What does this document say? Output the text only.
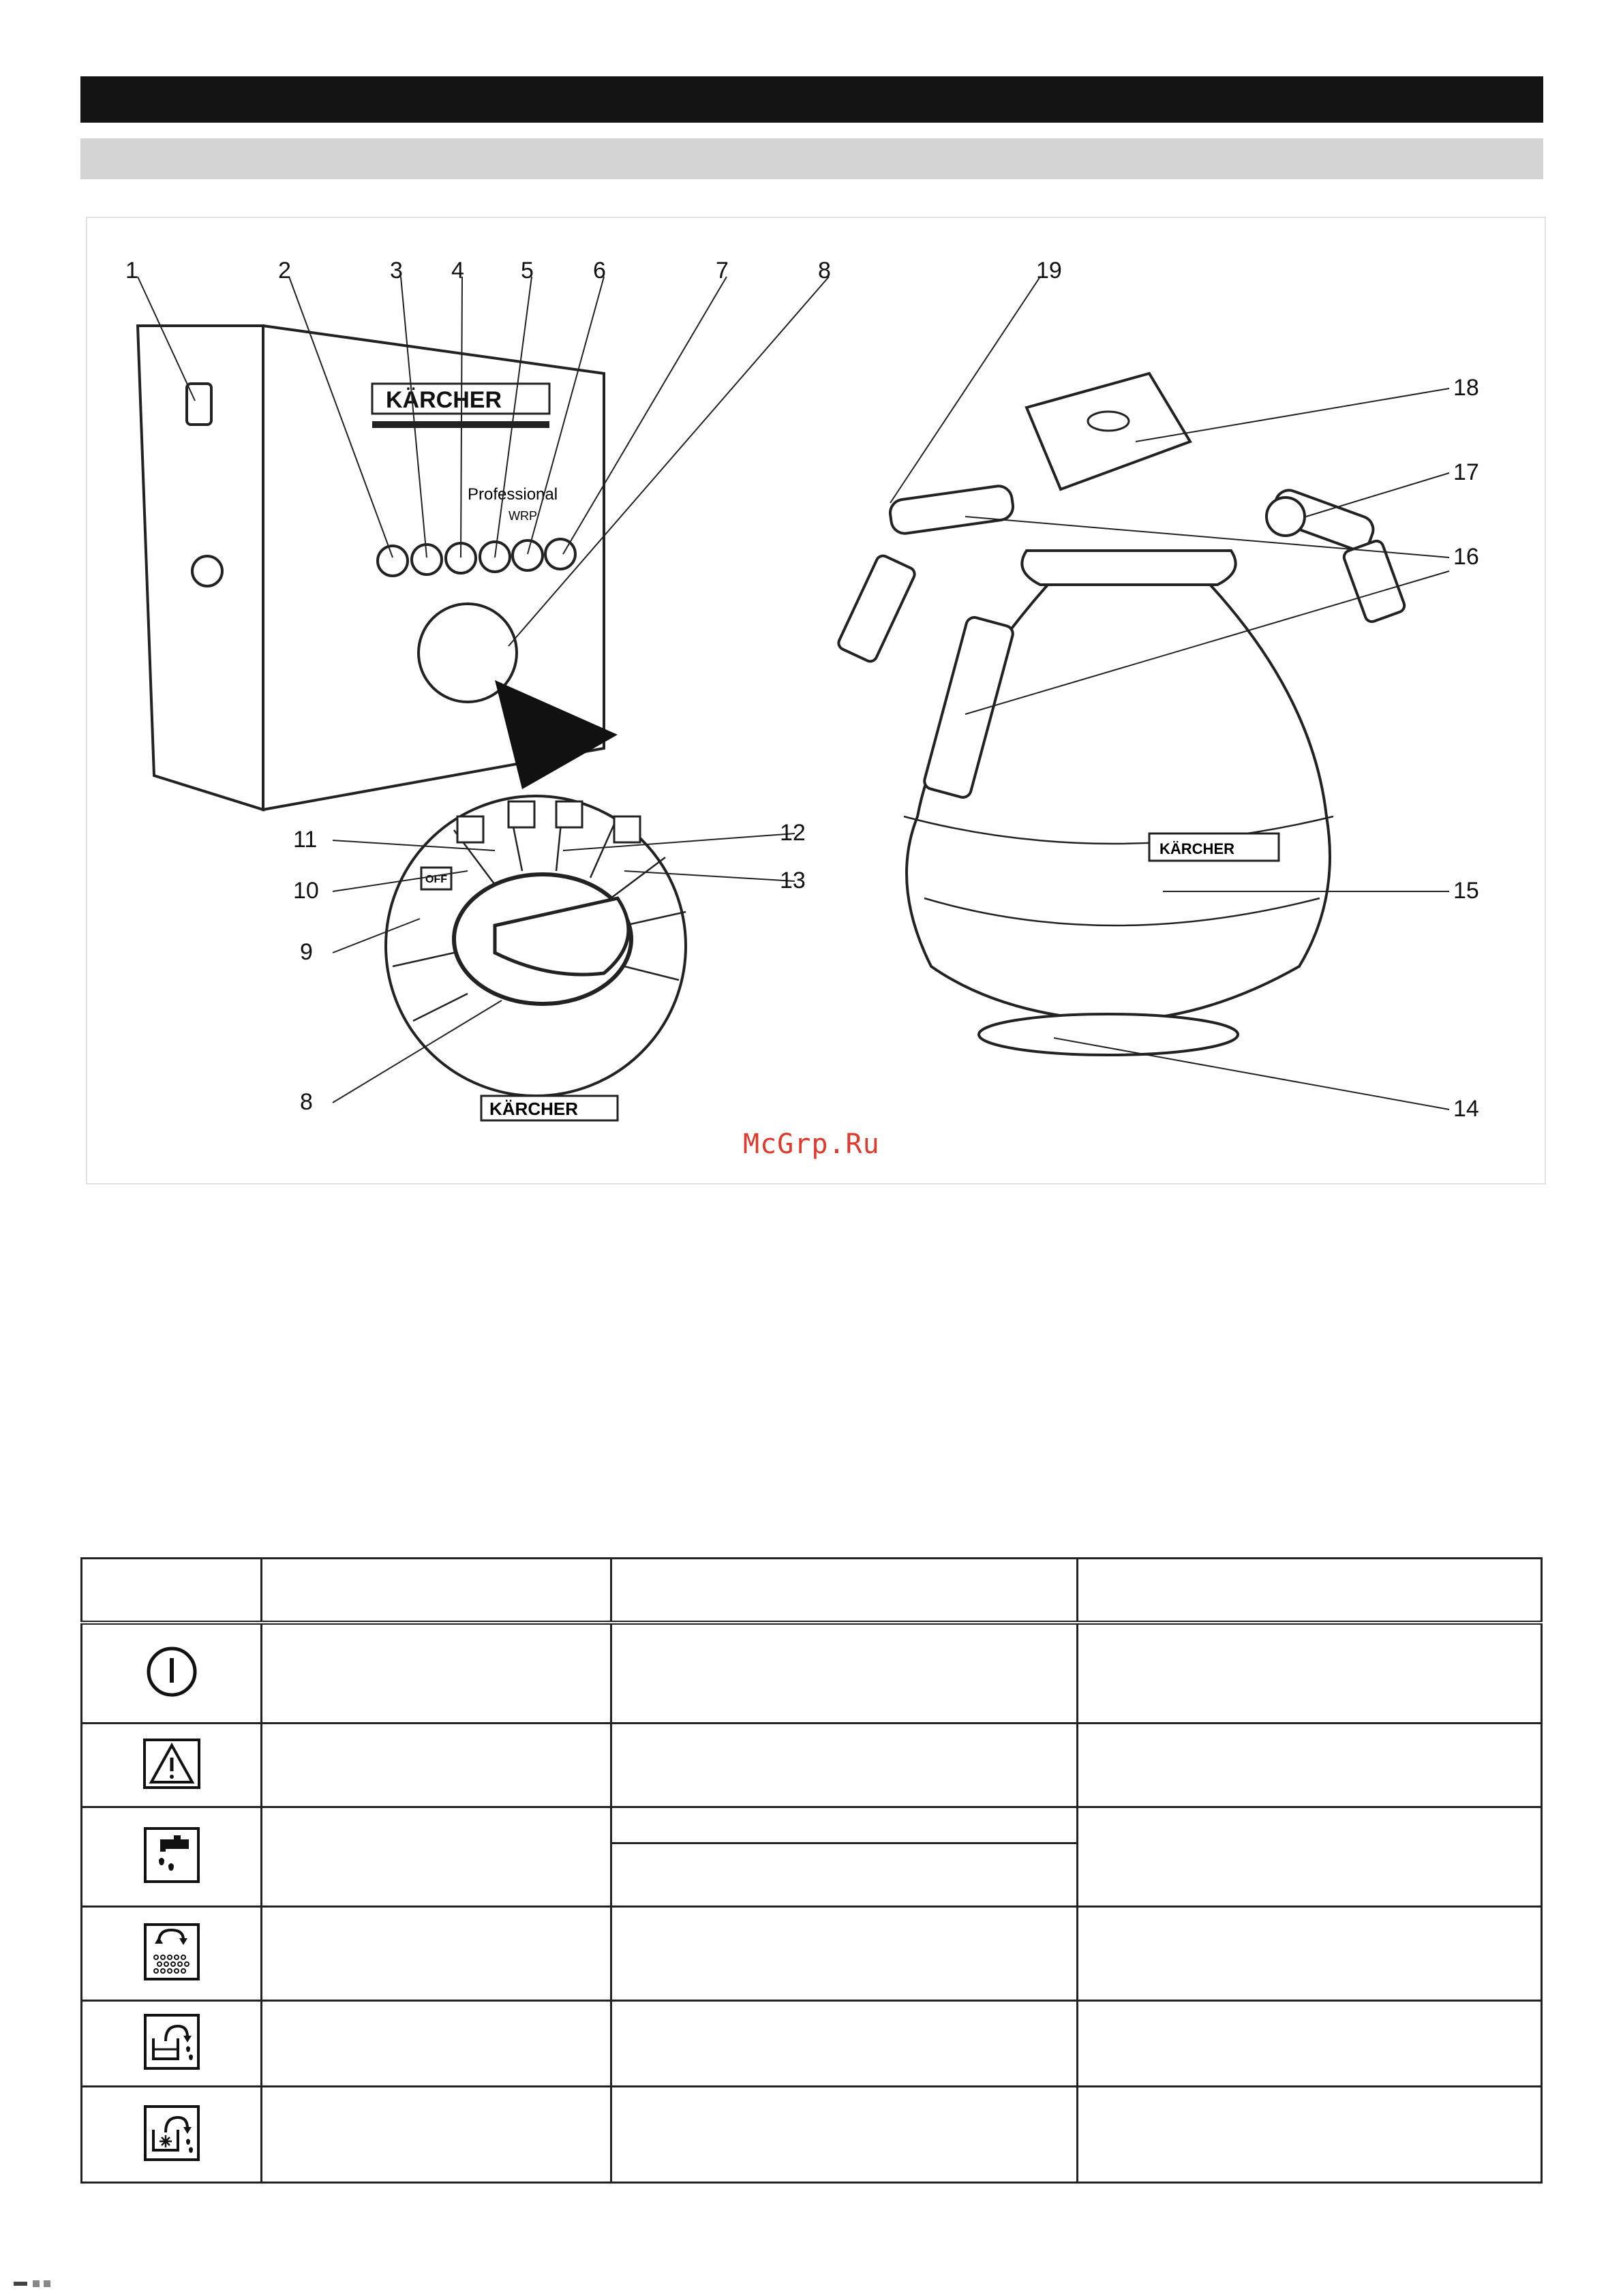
KÄRCHER
Professional
WRP
OFF
KÄRCHER
KÄRCHER
1	2	3 4 5	6	7	8	19
18
17
16
15
14
11	12
10	13
9
8
McGrp.Ru
